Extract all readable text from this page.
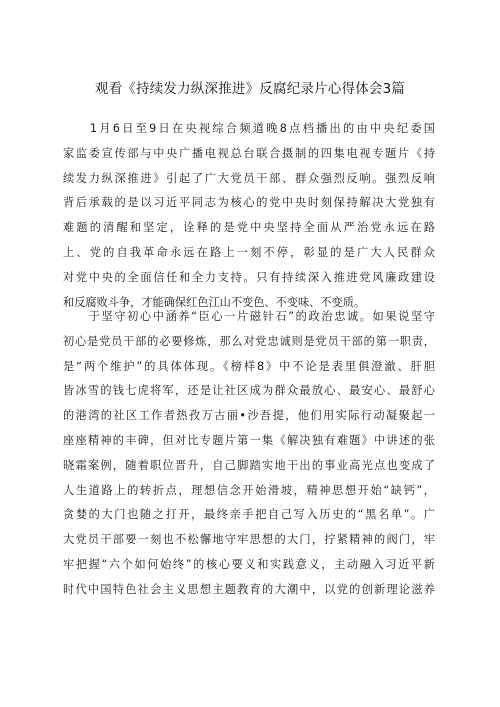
观看《持续发力纵深推进》反腐纪录片心得体会3篇
　　1月6日至9日在央视综合频道晚8点档播出的由中央纪委国
家监委宣传部与中央广播电视总台联合摄制的四集电视专题片《持
续发力纵深推进》引起了广大党员干部、群众强烈反响。强烈反响
背后承载的是以习近平同志为核心的党中央时刻保持解决大党独有
难题的清醒和坚定，诠释的是党中央坚持全面从严治党永远在路
上、党的自我革命永远在路上一刻不停，彰显的是广大人民群众
对党中央的全面信任和全力支持。只有持续深入推进党风廉政建设
和反腐败斗争，才能确保红色江山不变色、不变味、不变质。
　　于坚守初心中涵养“臣心一片磁针石”的政治忠诚。如果说坚守
初心是党员干部的必要修炼，那么对党忠诚则是党员干部的第一职责，
是“两个维护”的具体体现。《榜样8》中不论是表里俱澄澈、肝胆
皆冰雪的钱七虎将军，还是让社区成为群众最放心、最安心、最舒心
的港湾的社区工作者热孜万古丽•沙吾提，他们用实际行动凝聚起一
座座精神的丰碑，但对比专题片第一集《解决独有难题》中讲述的张
晓霜案例，随着职位晋升，自己脚踏实地干出的事业高光点也变成了
人生道路上的转折点，理想信念开始滑坡，精神思想开始“缺钙”，
贪婪的大门也随之打开，最终亲手把自己写入历史的“黑名单”。广
大党员干部要一刻也不松懈地守牢思想的大门，拧紧精神的阀门，牢
牢把握“六个如何始终”的核心要义和实践意义，主动融入习近平新
时代中国特色社会主义思想主题教育的大潮中，以党的创新理论滋养
